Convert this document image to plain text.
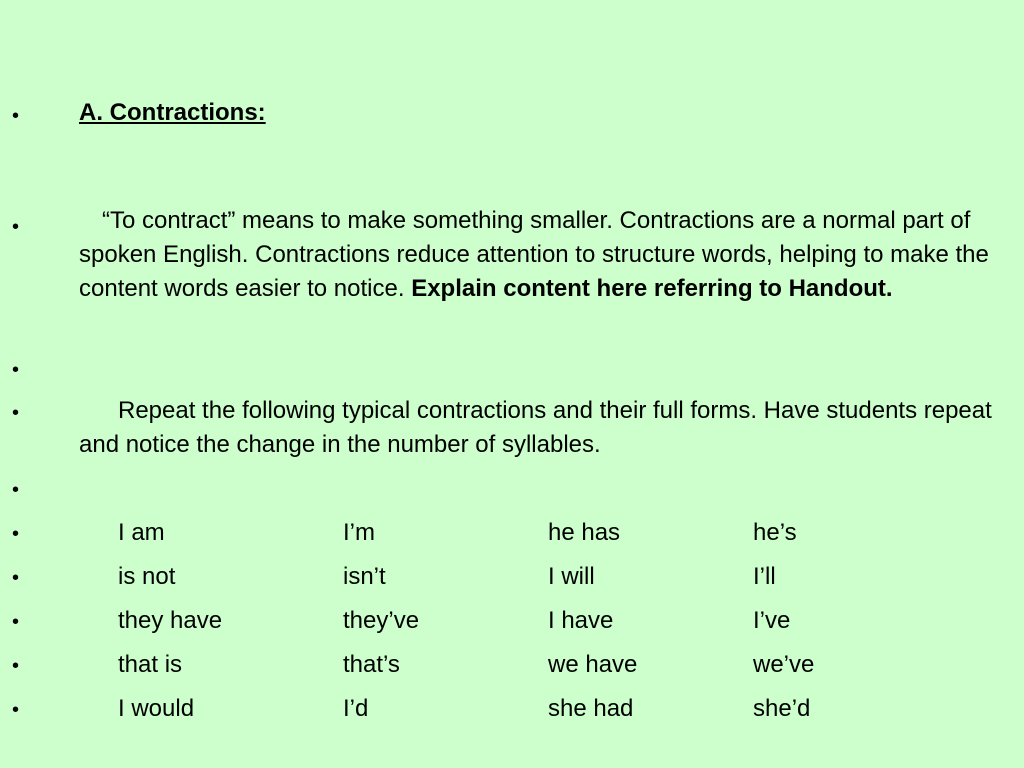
• A. Contractions:
•	“To contract” means to make something smaller. Contractions are a normal part of spoken English. Contractions reduce attention to structure words, helping to make the content words easier to notice. Explain content here referring to Handout.
•
•	Repeat the following typical contractions and their full forms. Have students repeat and notice the change in the number of syllables.
•
•	I am	I’m	he has	he’s
•	is not	isn’t	I will	I’ll
•	they have	they’ve	I have	I’ve
•	that is	that’s	we have	we’ve
•	I would	I’d	she had	she’d
